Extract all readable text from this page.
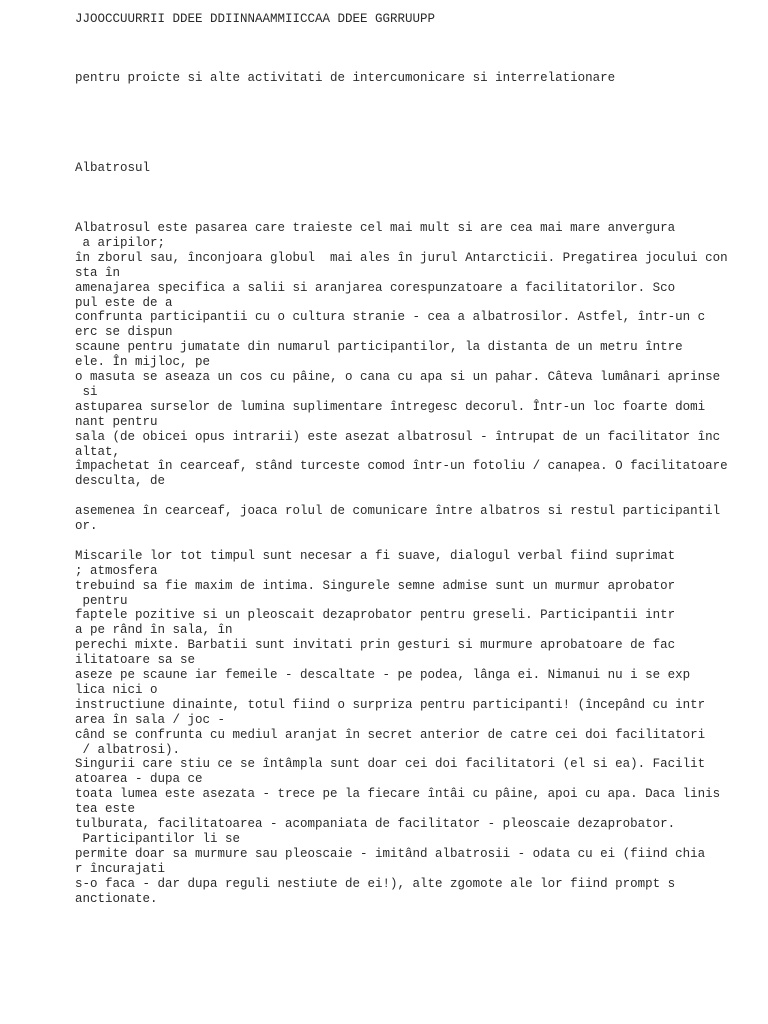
JJOOCCUURRII DDEE DDIINNAAMMIICCAA DDEE GGRRUUPP
pentru proicte si alte activitati de intercumonicare si interrelationare
Albatrosul
Albatrosul este pasarea care traieste cel mai mult si are cea mai mare anvergura
a aripilor;
în zborul sau, înconjoara globul  mai ales în jurul Antarcticii. Pregatirea jocului con
sta în
amenajarea specifica a salii si aranjarea corespunzatoare a facilitatorilor. Sco
pul este de a
confrunta participantii cu o cultura stranie - cea a albatrosilor. Astfel, într-un c
erc se dispun
scaune pentru jumatate din numarul participantilor, la distanta de un metru între
ele. În mijloc, pe
o masuta se aseaza un cos cu pâine, o cana cu apa si un pahar. Câteva lumânari aprinse
si
astuparea surselor de lumina suplimentare întregesc decorul. Într-un loc foarte domi
nant pentru
sala (de obicei opus intrarii) este asezat albatrosul - întrupat de un facilitator înc
altat,
împachetat în cearceaf, stând turceste comod într-un fotoliu / canapea. O facilitatoare
desculta, de
asemenea în cearceaf, joaca rolul de comunicare între albatros si restul participantil
or.
Miscarile lor tot timpul sunt necesar a fi suave, dialogul verbal fiind suprimat
; atmosfera
trebuind sa fie maxim de intima. Singurele semne admise sunt un murmur aprobator
pentru
faptele pozitive si un pleoscait dezaprobator pentru greseli. Participantii intr
a pe rând în sala, în
perechi mixte. Barbatii sunt invitati prin gesturi si murmure aprobatoare de fac
ilitatoare sa se
aseze pe scaune iar femeile - descaltate - pe podea, lânga ei. Nimanui nu i se exp
lica nici o
instructiune dinainte, totul fiind o surpriza pentru participanti! (începând cu intr
area în sala / joc -
când se confrunta cu mediul aranjat în secret anterior de catre cei doi facilitatori
/ albatrosi).
Singurii care stiu ce se întâmpla sunt doar cei doi facilitatori (el si ea). Facilit
atoarea - dupa ce
toata lumea este asezata - trece pe la fiecare întâi cu pâine, apoi cu apa. Daca linis
tea este
tulburata, facilitatoarea - acompaniata de facilitator - pleoscaie dezaprobator.
Participantilor li se
permite doar sa murmure sau pleoscaie - imitând albatrosii - odata cu ei (fiind chia
r încurajati
s-o faca - dar dupa reguli nestiute de ei!), alte zgomote ale lor fiind prompt s
anctionate.
